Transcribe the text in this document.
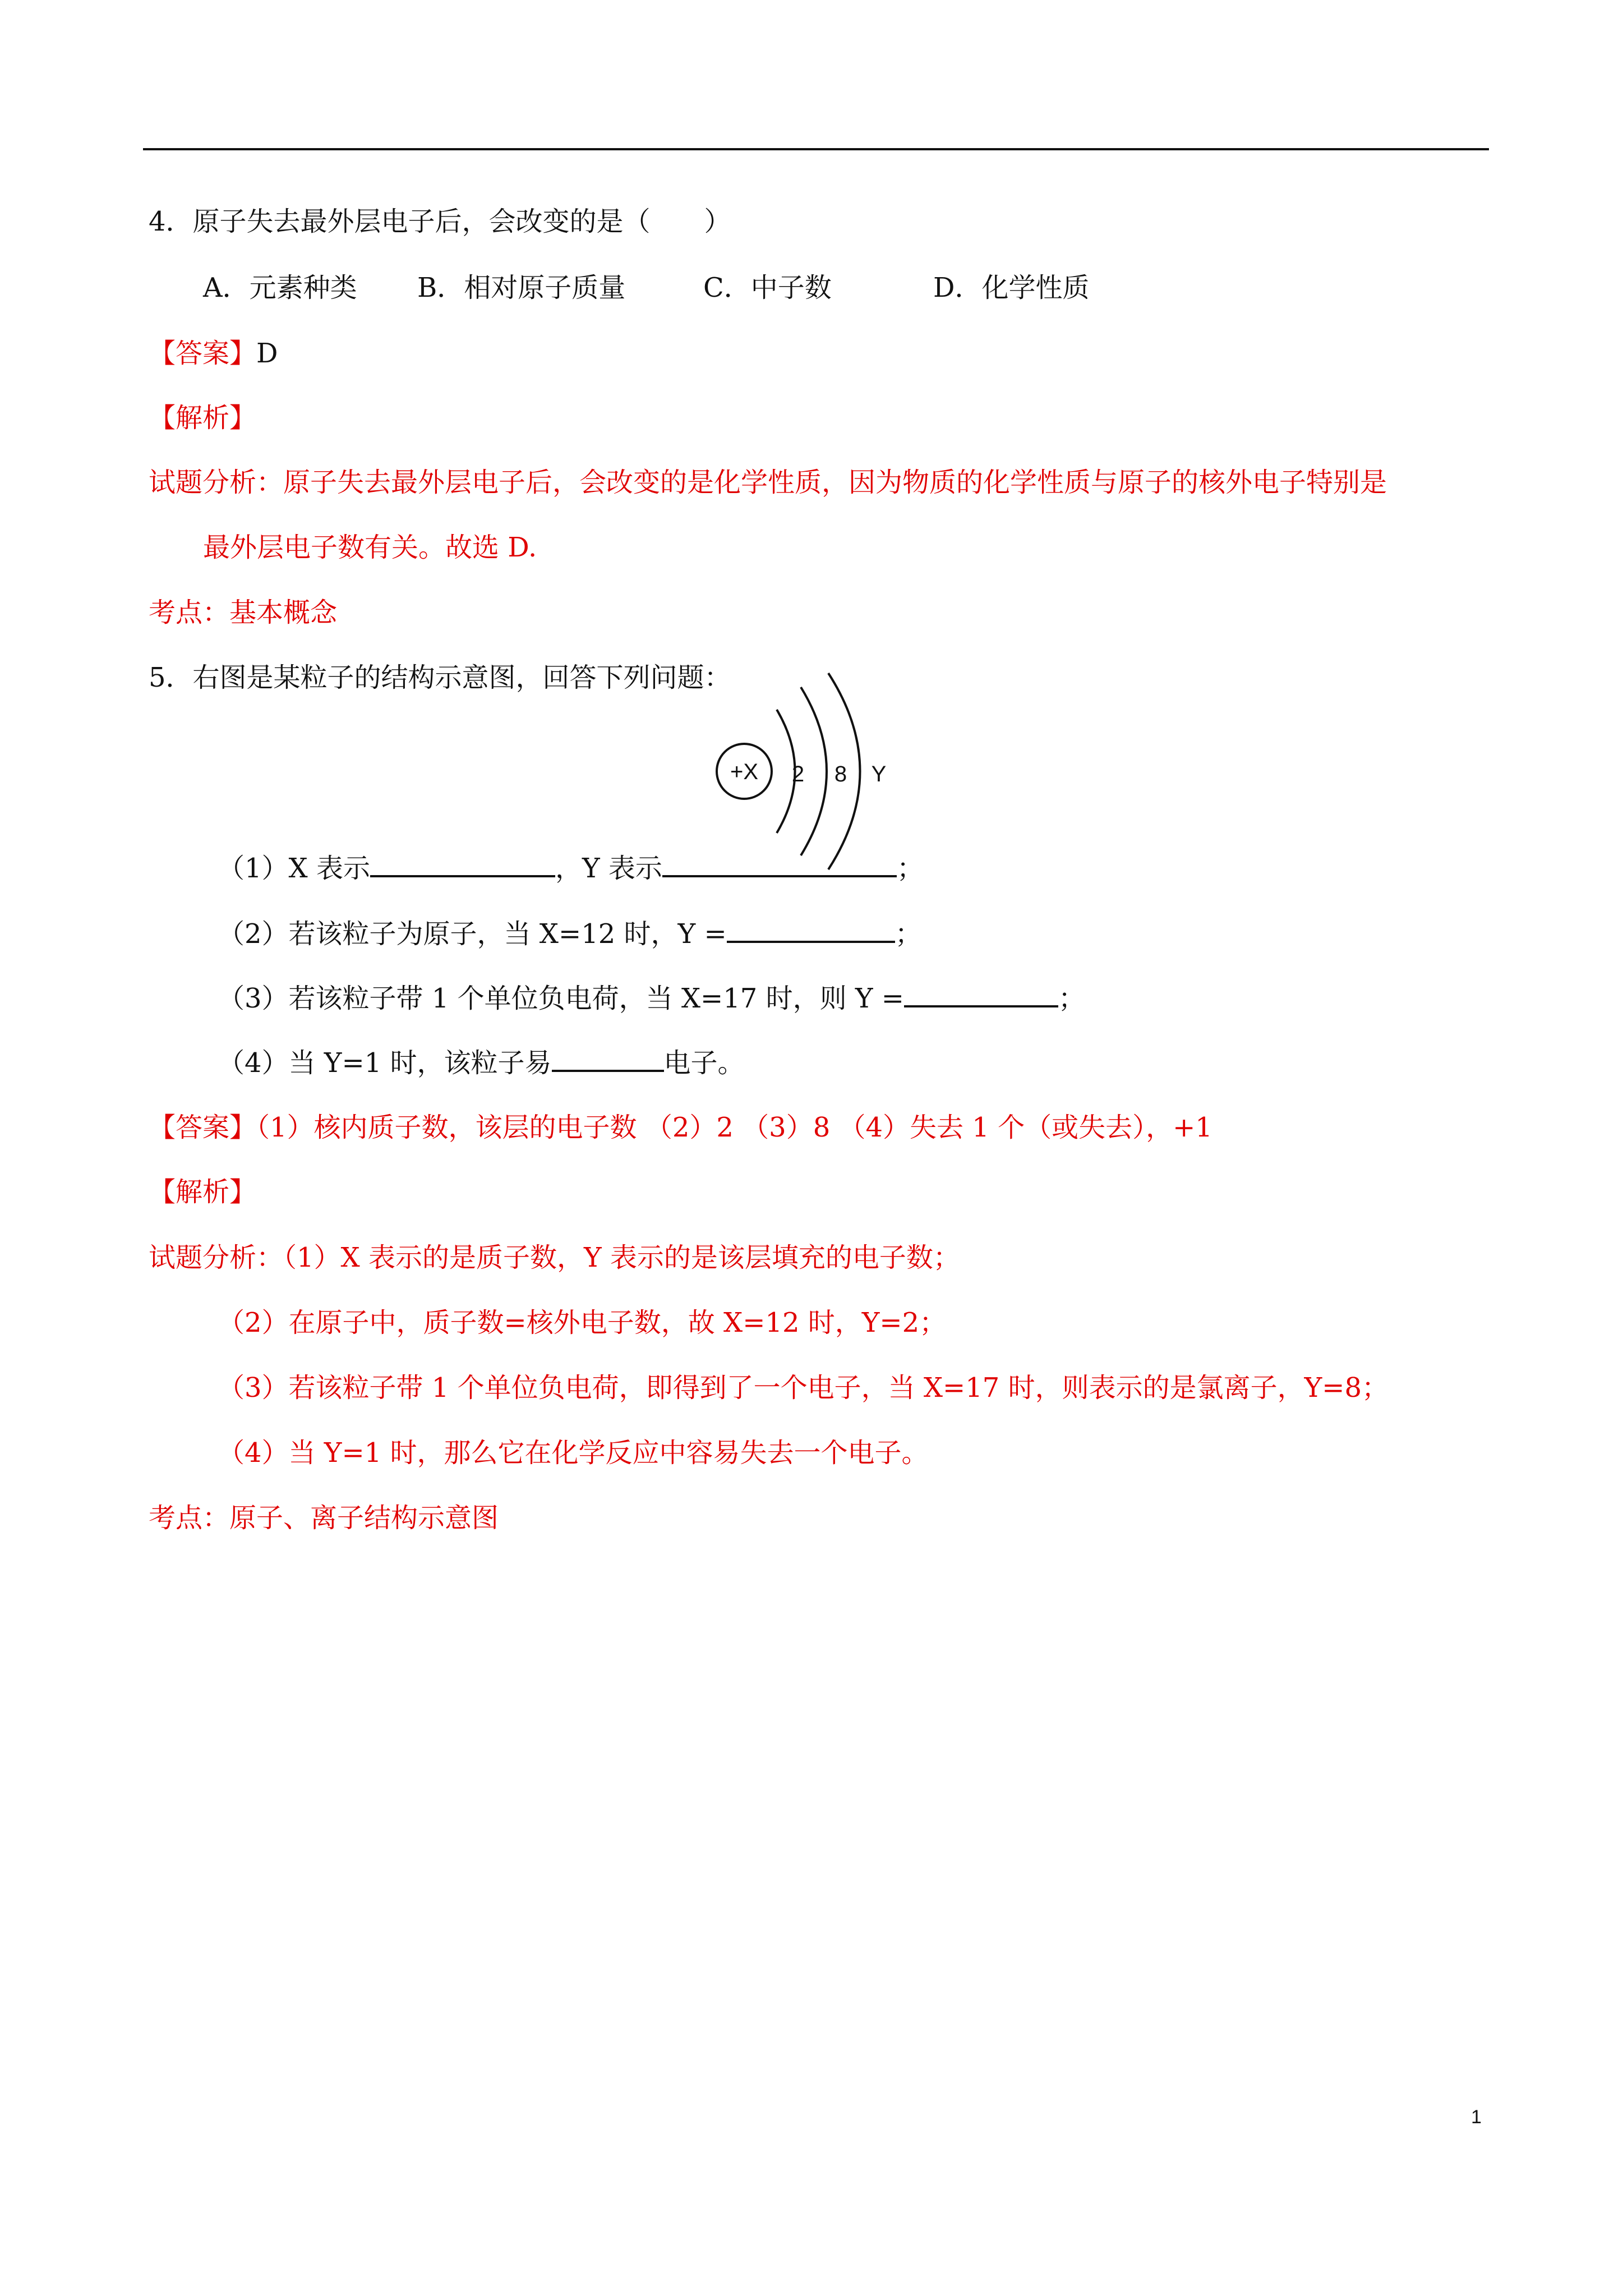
4．原子失去最外层电子后，会改变的是（　　）
A．元素种类 B．相对原子质量	C．中子数	D．化学性质
【答案】D
【解析】
试题分析：原子失去最外层电子后，会改变的是化学性质，因为物质的化学性质与原子的核外电子特别是
最外层电子数有关。故选 D.
考点：基本概念
5．右图是某粒子的结构示意图，回答下列问题：
+X 2 8 Y
（1）X 表示	，Y 表示	；
（2）若该粒子为原子，当 X=12 时，Y =	；
（3）若该粒子带 1 个单位负电荷，当 X=17 时，则 Y =	；
（4）当 Y=1 时，该粒子易	电子。
【答案】（1）核内质子数，该层的电子数 （2）2 （3）8 （4）失去 1 个（或失去），+1
【解析】
试题分析：（1）X 表示的是质子数，Y 表示的是该层填充的电子数；
（2）在原子中，质子数=核外电子数，故 X=12 时，Y=2；
（3）若该粒子带 1 个单位负电荷，即得到了一个电子，当 X=17 时，则表示的是氯离子，Y=8；
（4）当 Y=1 时，那么它在化学反应中容易失去一个电子。
考点：原子、离子结构示意图
1
